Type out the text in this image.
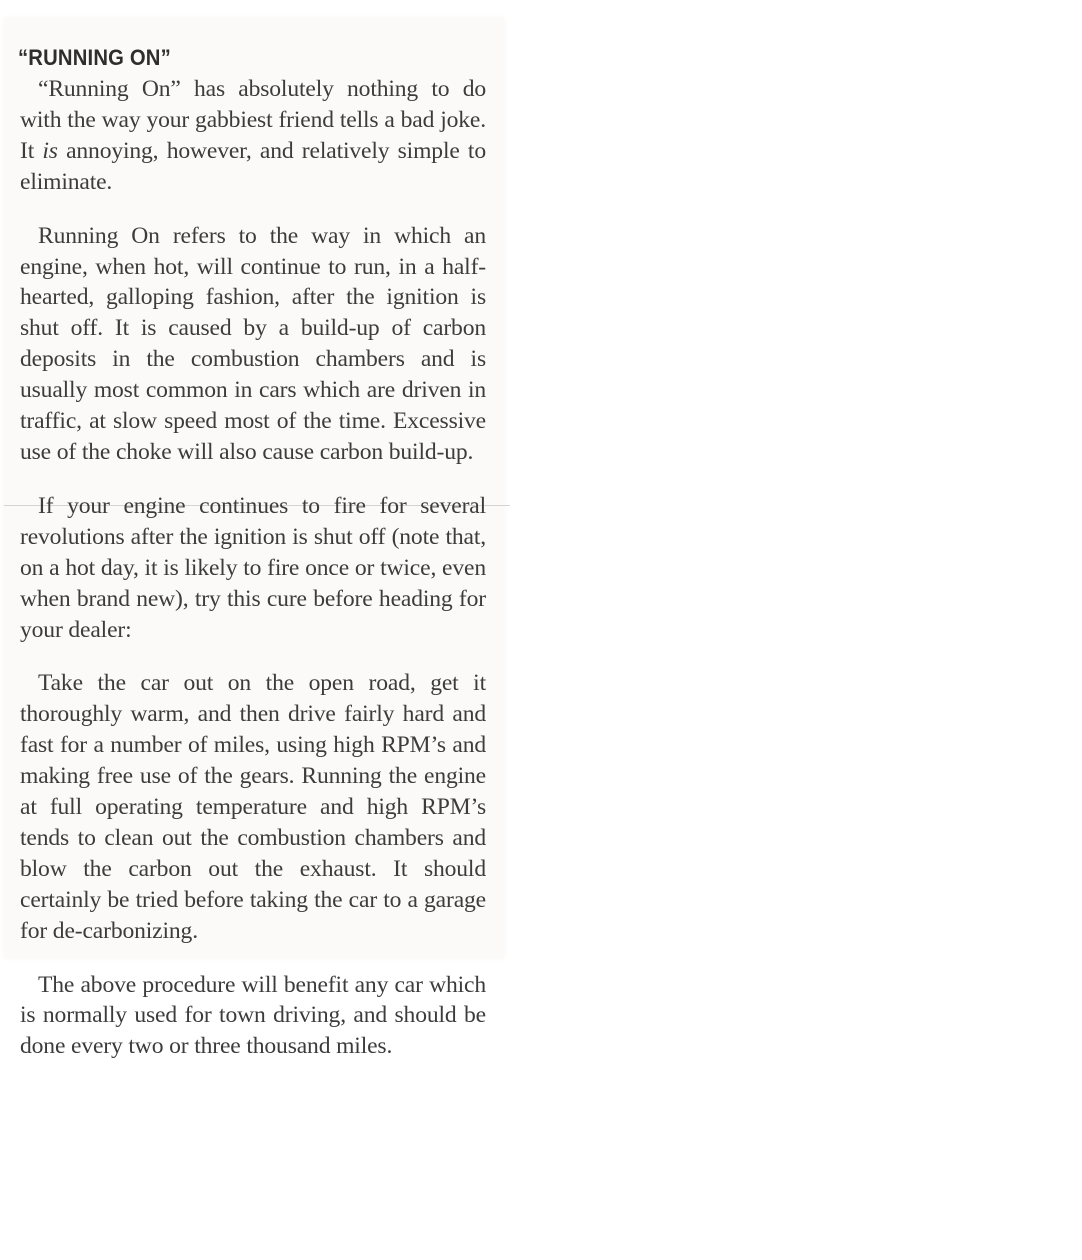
“RUNNING ON”

“Running On” has absolutely nothing to do with the way your gabbiest friend tells a bad joke. It is annoying, however, and relatively simple to eliminate.

Running On refers to the way in which an engine, when hot, will continue to run, in a half-hearted, galloping fashion, after the ignition is shut off. It is caused by a build-up of carbon deposits in the combustion chambers and is usually most common in cars which are driven in traffic, at slow speed most of the time. Excessive use of the choke will also cause carbon build-up.

If your engine continues to fire for several revolutions after the ignition is shut off (note that, on a hot day, it is likely to fire once or twice, even when brand new), try this cure before heading for your dealer:

Take the car out on the open road, get it thoroughly warm, and then drive fairly hard and fast for a number of miles, using high RPM’s and making free use of the gears. Running the engine at full operating temperature and high RPM’s tends to clean out the combustion chambers and blow the carbon out the exhaust. It should certainly be tried before taking the car to a garage for de-carbonizing.

The above procedure will benefit any car which is normally used for town driving, and should be done every two or three thousand miles.
